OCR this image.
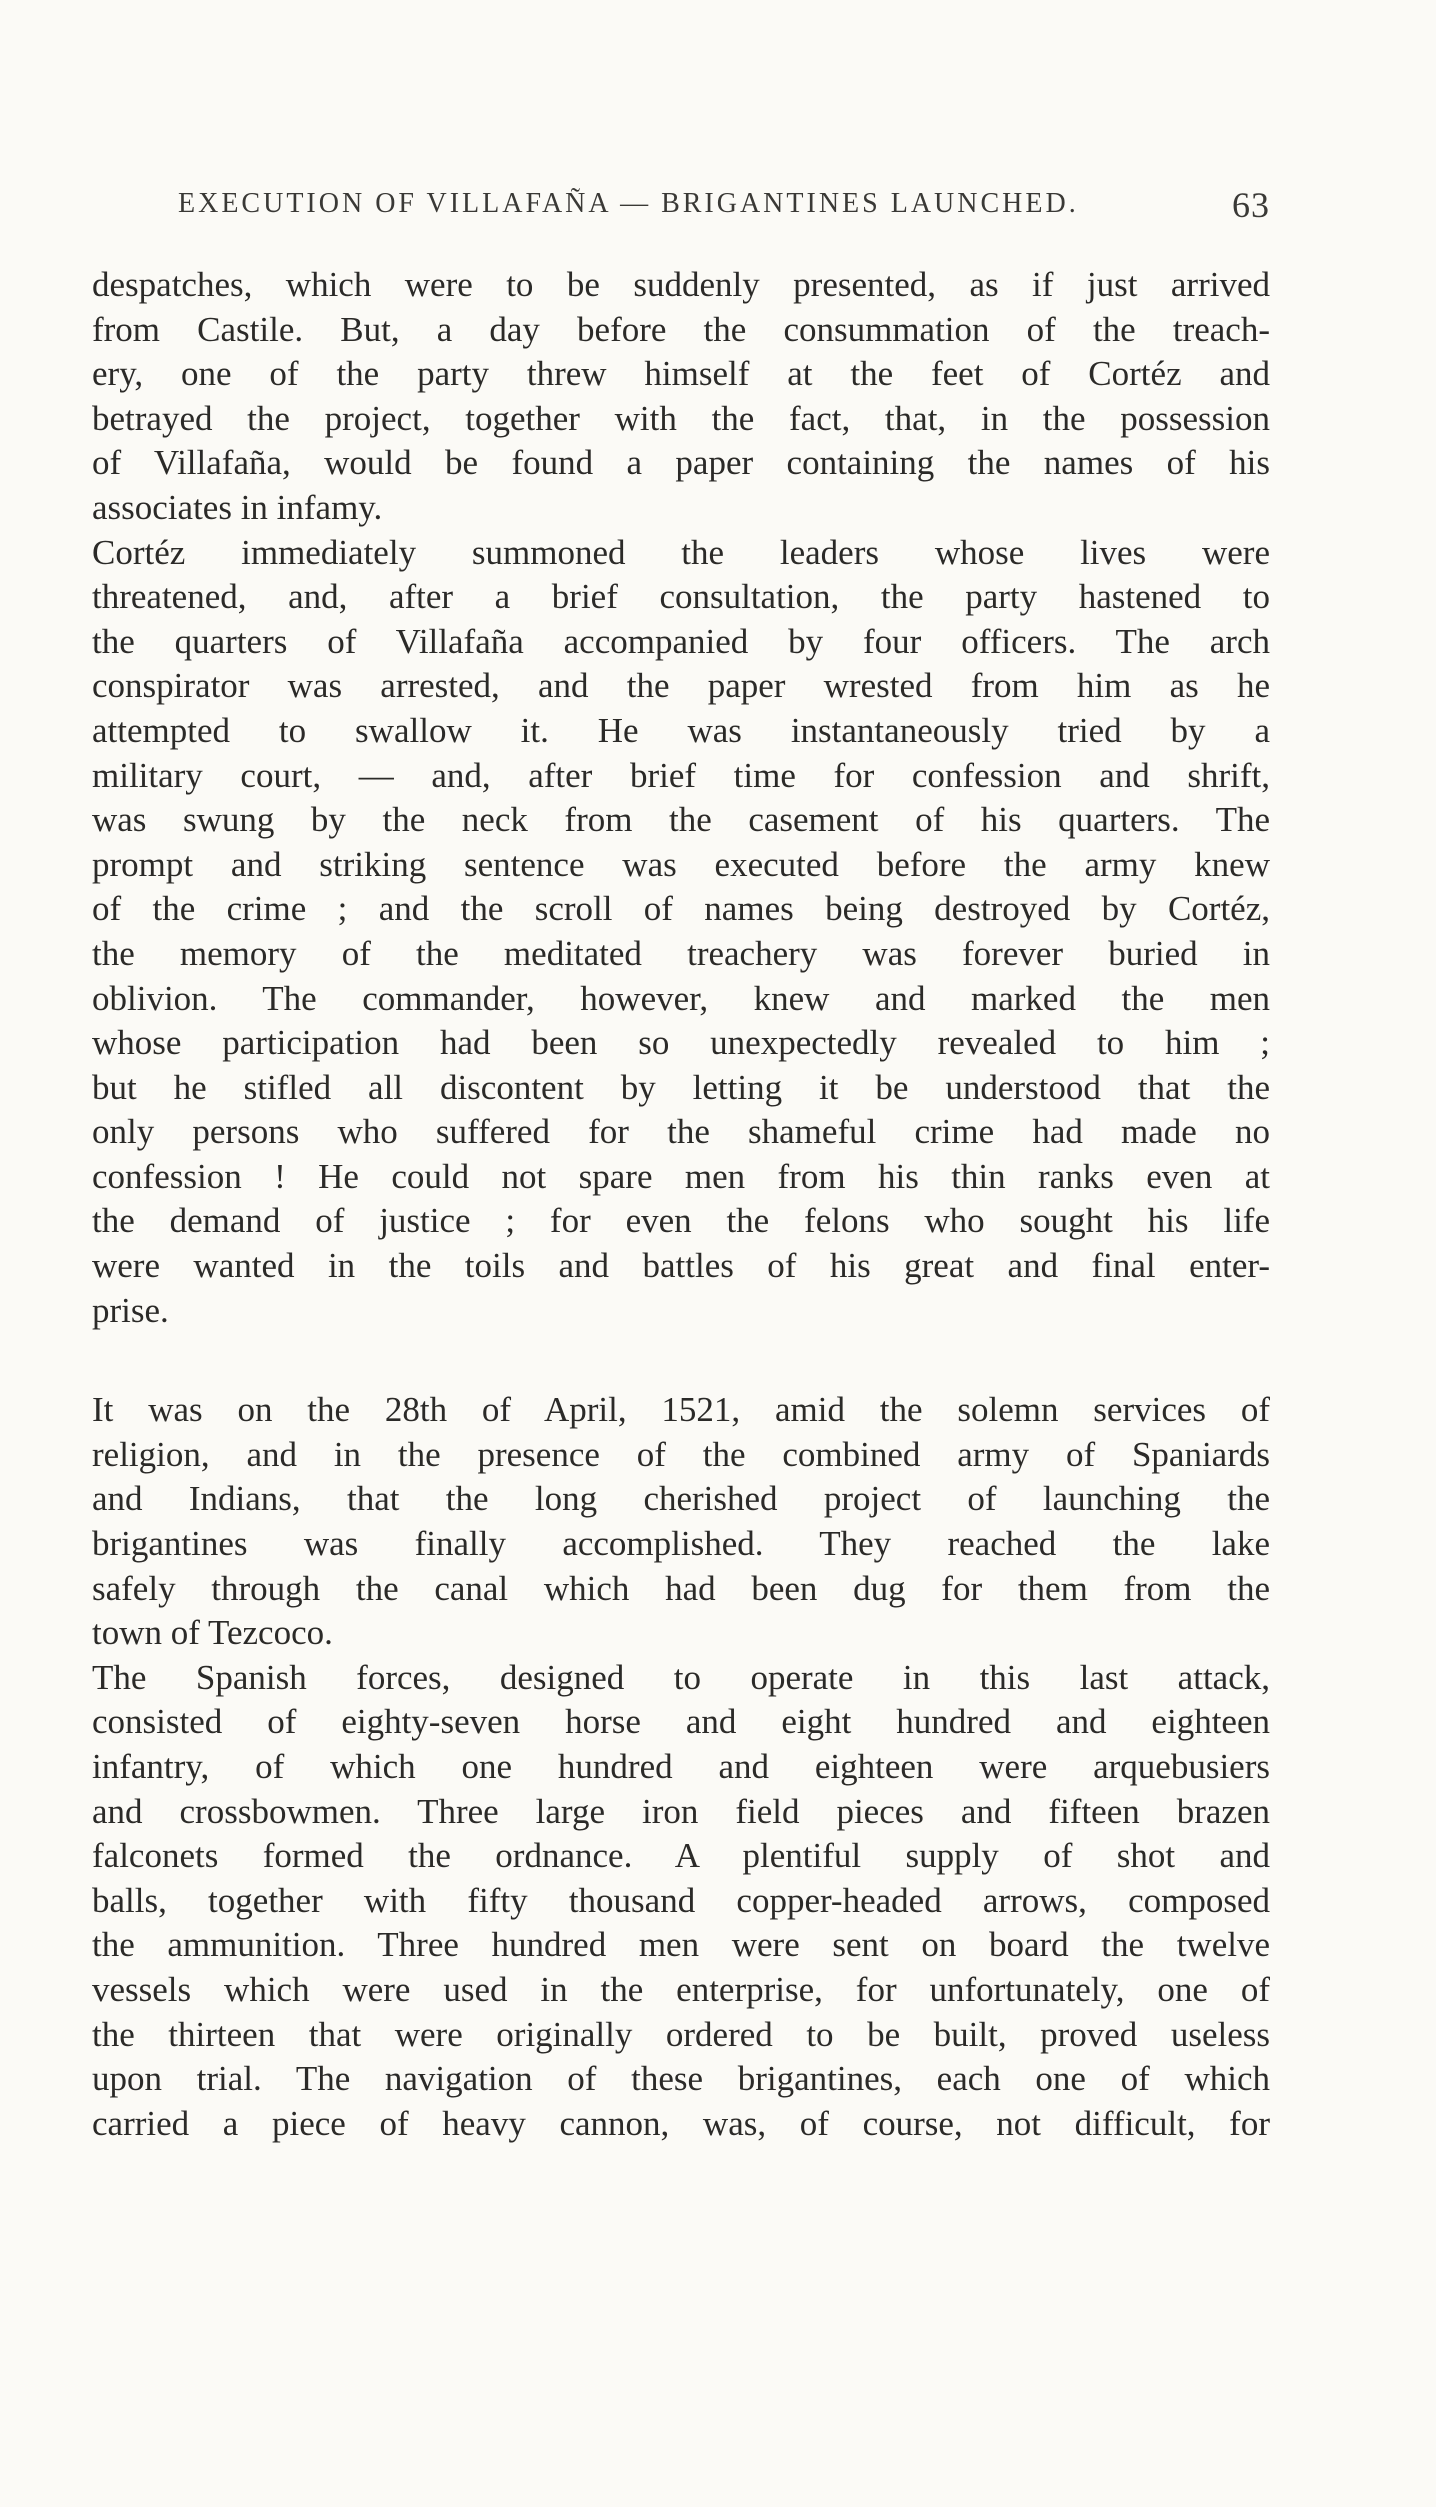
EXECUTION OF VILLAFAÑA — BRIGANTINES LAUNCHED.	63
despatches, which were to be suddenly presented, as if just arrived
from Castile. But, a day before the consummation of the treach-
ery, one of the party threw himself at the feet of Cortéz and
betrayed the project, together with the fact, that, in the possession
of Villafaña, would be found a paper containing the names of his
associates in infamy.
Cortéz immediately summoned the leaders whose lives were
threatened, and, after a brief consultation, the party hastened to
the quarters of Villafaña accompanied by four officers. The arch
conspirator was arrested, and the paper wrested from him as he
attempted to swallow it. He was instantaneously tried by a
military court, — and, after brief time for confession and shrift,
was swung by the neck from the casement of his quarters. The
prompt and striking sentence was executed before the army knew
of the crime ; and the scroll of names being destroyed by Cortéz,
the memory of the meditated treachery was forever buried in
oblivion. The commander, however, knew and marked the men
whose participation had been so unexpectedly revealed to him ;
but he stifled all discontent by letting it be understood that the
only persons who suffered for the shameful crime had made no
confession ! He could not spare men from his thin ranks even at
the demand of justice ; for even the felons who sought his life
were wanted in the toils and battles of his great and final enter-
prise.
It was on the 28th of April, 1521, amid the solemn services of
religion, and in the presence of the combined army of Spaniards
and Indians, that the long cherished project of launching the
brigantines was finally accomplished. They reached the lake
safely through the canal which had been dug for them from the
town of Tezcoco.
The Spanish forces, designed to operate in this last attack,
consisted of eighty-seven horse and eight hundred and eighteen
infantry, of which one hundred and eighteen were arquebusiers
and crossbowmen. Three large iron field pieces and fifteen brazen
falconets formed the ordnance. A plentiful supply of shot and
balls, together with fifty thousand copper-headed arrows, composed
the ammunition. Three hundred men were sent on board the twelve
vessels which were used in the enterprise, for unfortunately, one of
the thirteen that were originally ordered to be built, proved useless
upon trial. The navigation of these brigantines, each one of which
carried a piece of heavy cannon, was, of course, not difficult, for
